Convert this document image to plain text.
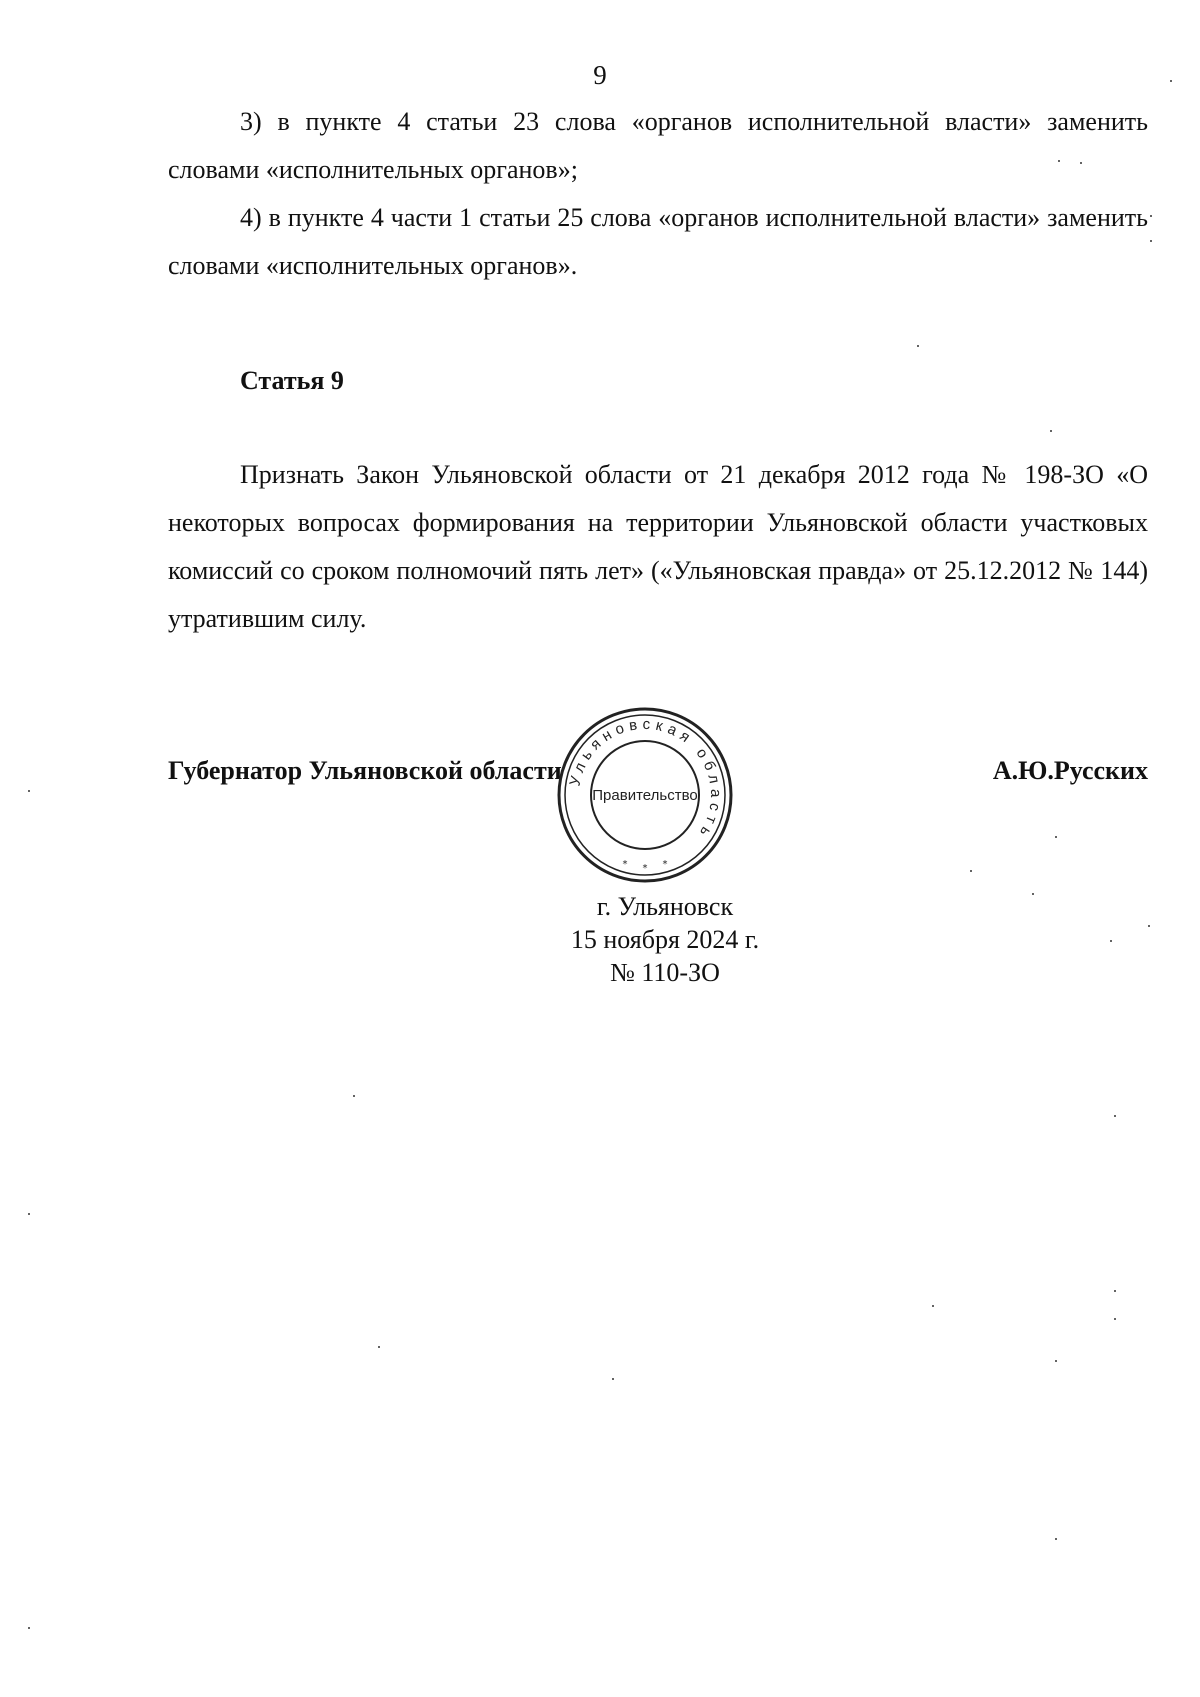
9

3) в пункте 4 статьи 23 слова «органов исполнительной власти» заменить словами «исполнительных органов»;

4) в пункте 4 части 1 статьи 25 слова «органов исполнительной власти» заменить словами «исполнительных органов».

Статья 9

Признать Закон Ульяновской области от 21 декабря 2012 года № 198-ЗО «О некоторых вопросах формирования на территории Ульяновской области участковых комиссий со сроком полномочий пять лет» («Ульяновская правда» от 25.12.2012 № 144) утратившим силу.

Губернатор Ульяновской области Ульяновская область
Правительство
* * *
А.Ю.Русских
г. Ульяновск
15 ноября 2024 г.
№ 110-ЗО
